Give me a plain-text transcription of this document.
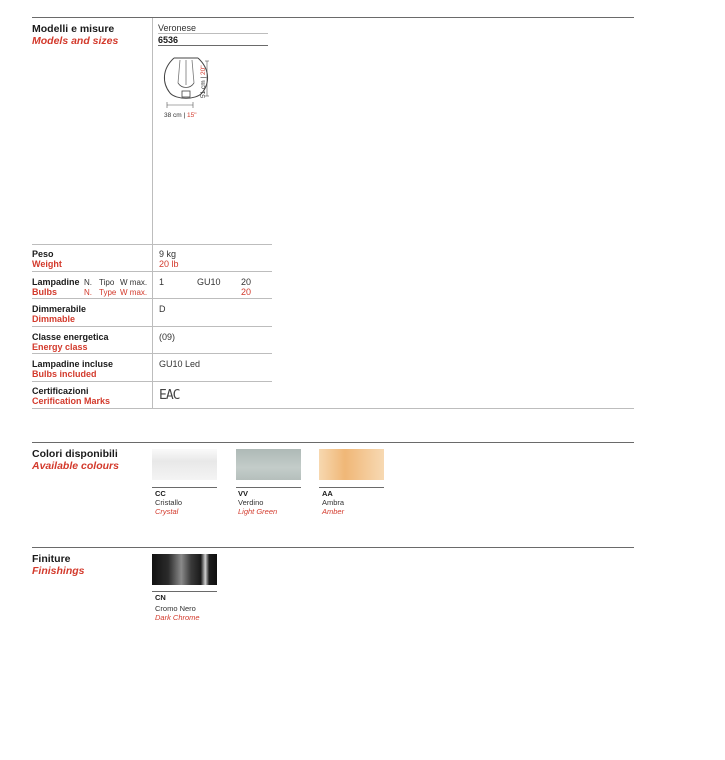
Modelli e misure
Models and sizes
Veronese
6536
51 cm | 20"
38 cm | 15"
Peso
Weight
9 kg
20 lb
Lampadine
Bulbs
N. Tipo W max.
N. Type W max.
1	GU10 20
20
Dimmerabile
Dimmable
D
Classe energetica
Energy class
(09)
Lampadine incluse
Bulbs included
GU10 Led
Certificazioni
Cerification Marks	EAC
Colori disponibili
Available colours
CC
Cristallo
Crystal
VV
Verdino
Light Green
AA
Ambra
Amber
Finiture
Finishings
CN
Cromo Nero
Dark Chrome
